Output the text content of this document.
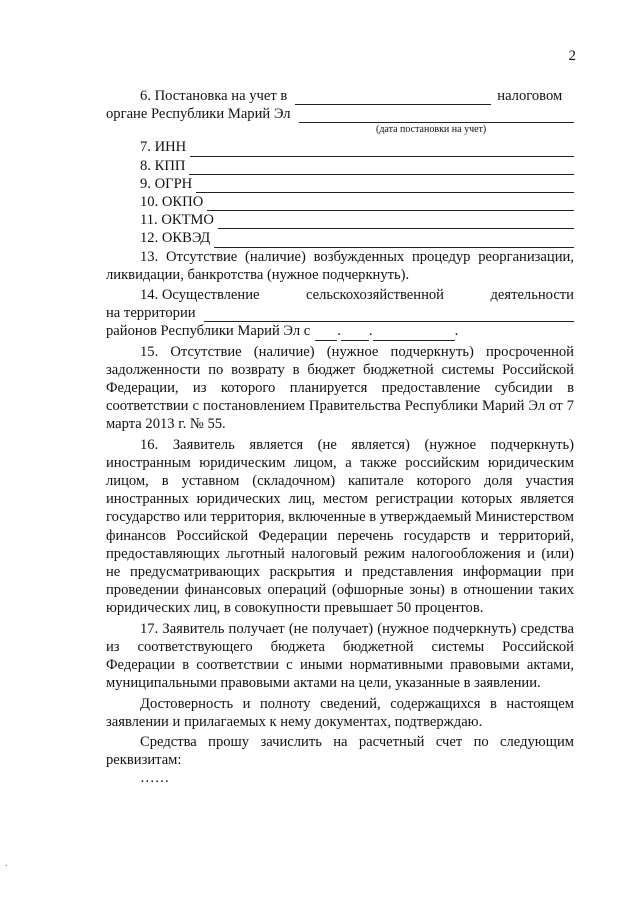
2
6. Постановка на учет в	налоговом
органе Республики Марий Эл
(дата постановки на учет)
7. ИНН
8. КПП
9. ОГРН
10. ОКПО
11. ОКТМО
12. ОКВЭД
13. Отсутствие (наличие) возбужденных процедур реорганизации,
ликвидации, банкротства (нужное подчеркнуть).
14. Осуществление	сельскохозяйственной	деятельности
на территории
районов Республики Марий Эл с . .	.
15. Отсутствие (наличие) (нужное подчеркнуть) просроченной задолженности по возврату в бюджет бюджетной системы Российской Федерации, из которого планируется предоставление субсидии в соответствии с постановлением Правительства Республики Марий Эл от 7 марта 2013 г. № 55.
16. Заявитель является (не является) (нужное подчеркнуть) иностранным юридическим лицом, а также российским юридическим лицом, в уставном (складочном) капитале которого доля участия иностранных юридических лиц, местом регистрации которых является государство или территория, включенные в утверждаемый Министерством финансов Российской Федерации перечень государств и территорий, предоставляющих льготный налоговый режим налогообложения и (или) не предусматривающих раскрытия и представления информации при проведении финансовых операций (офшорные зоны) в отношении таких юридических лиц, в совокупности превышает 50 процентов.
17. Заявитель получает (не получает) (нужное подчеркнуть) средства из соответствующего бюджета бюджетной системы Российской Федерации в соответствии с иными нормативными правовыми актами, муниципальными правовыми актами на цели, указанные в заявлении.
Достоверность и полноту сведений, содержащихся в настоящем заявлении и прилагаемых к нему документах, подтверждаю.
Средства прошу зачислить на расчетный счет по следующим реквизитам:
……
.
